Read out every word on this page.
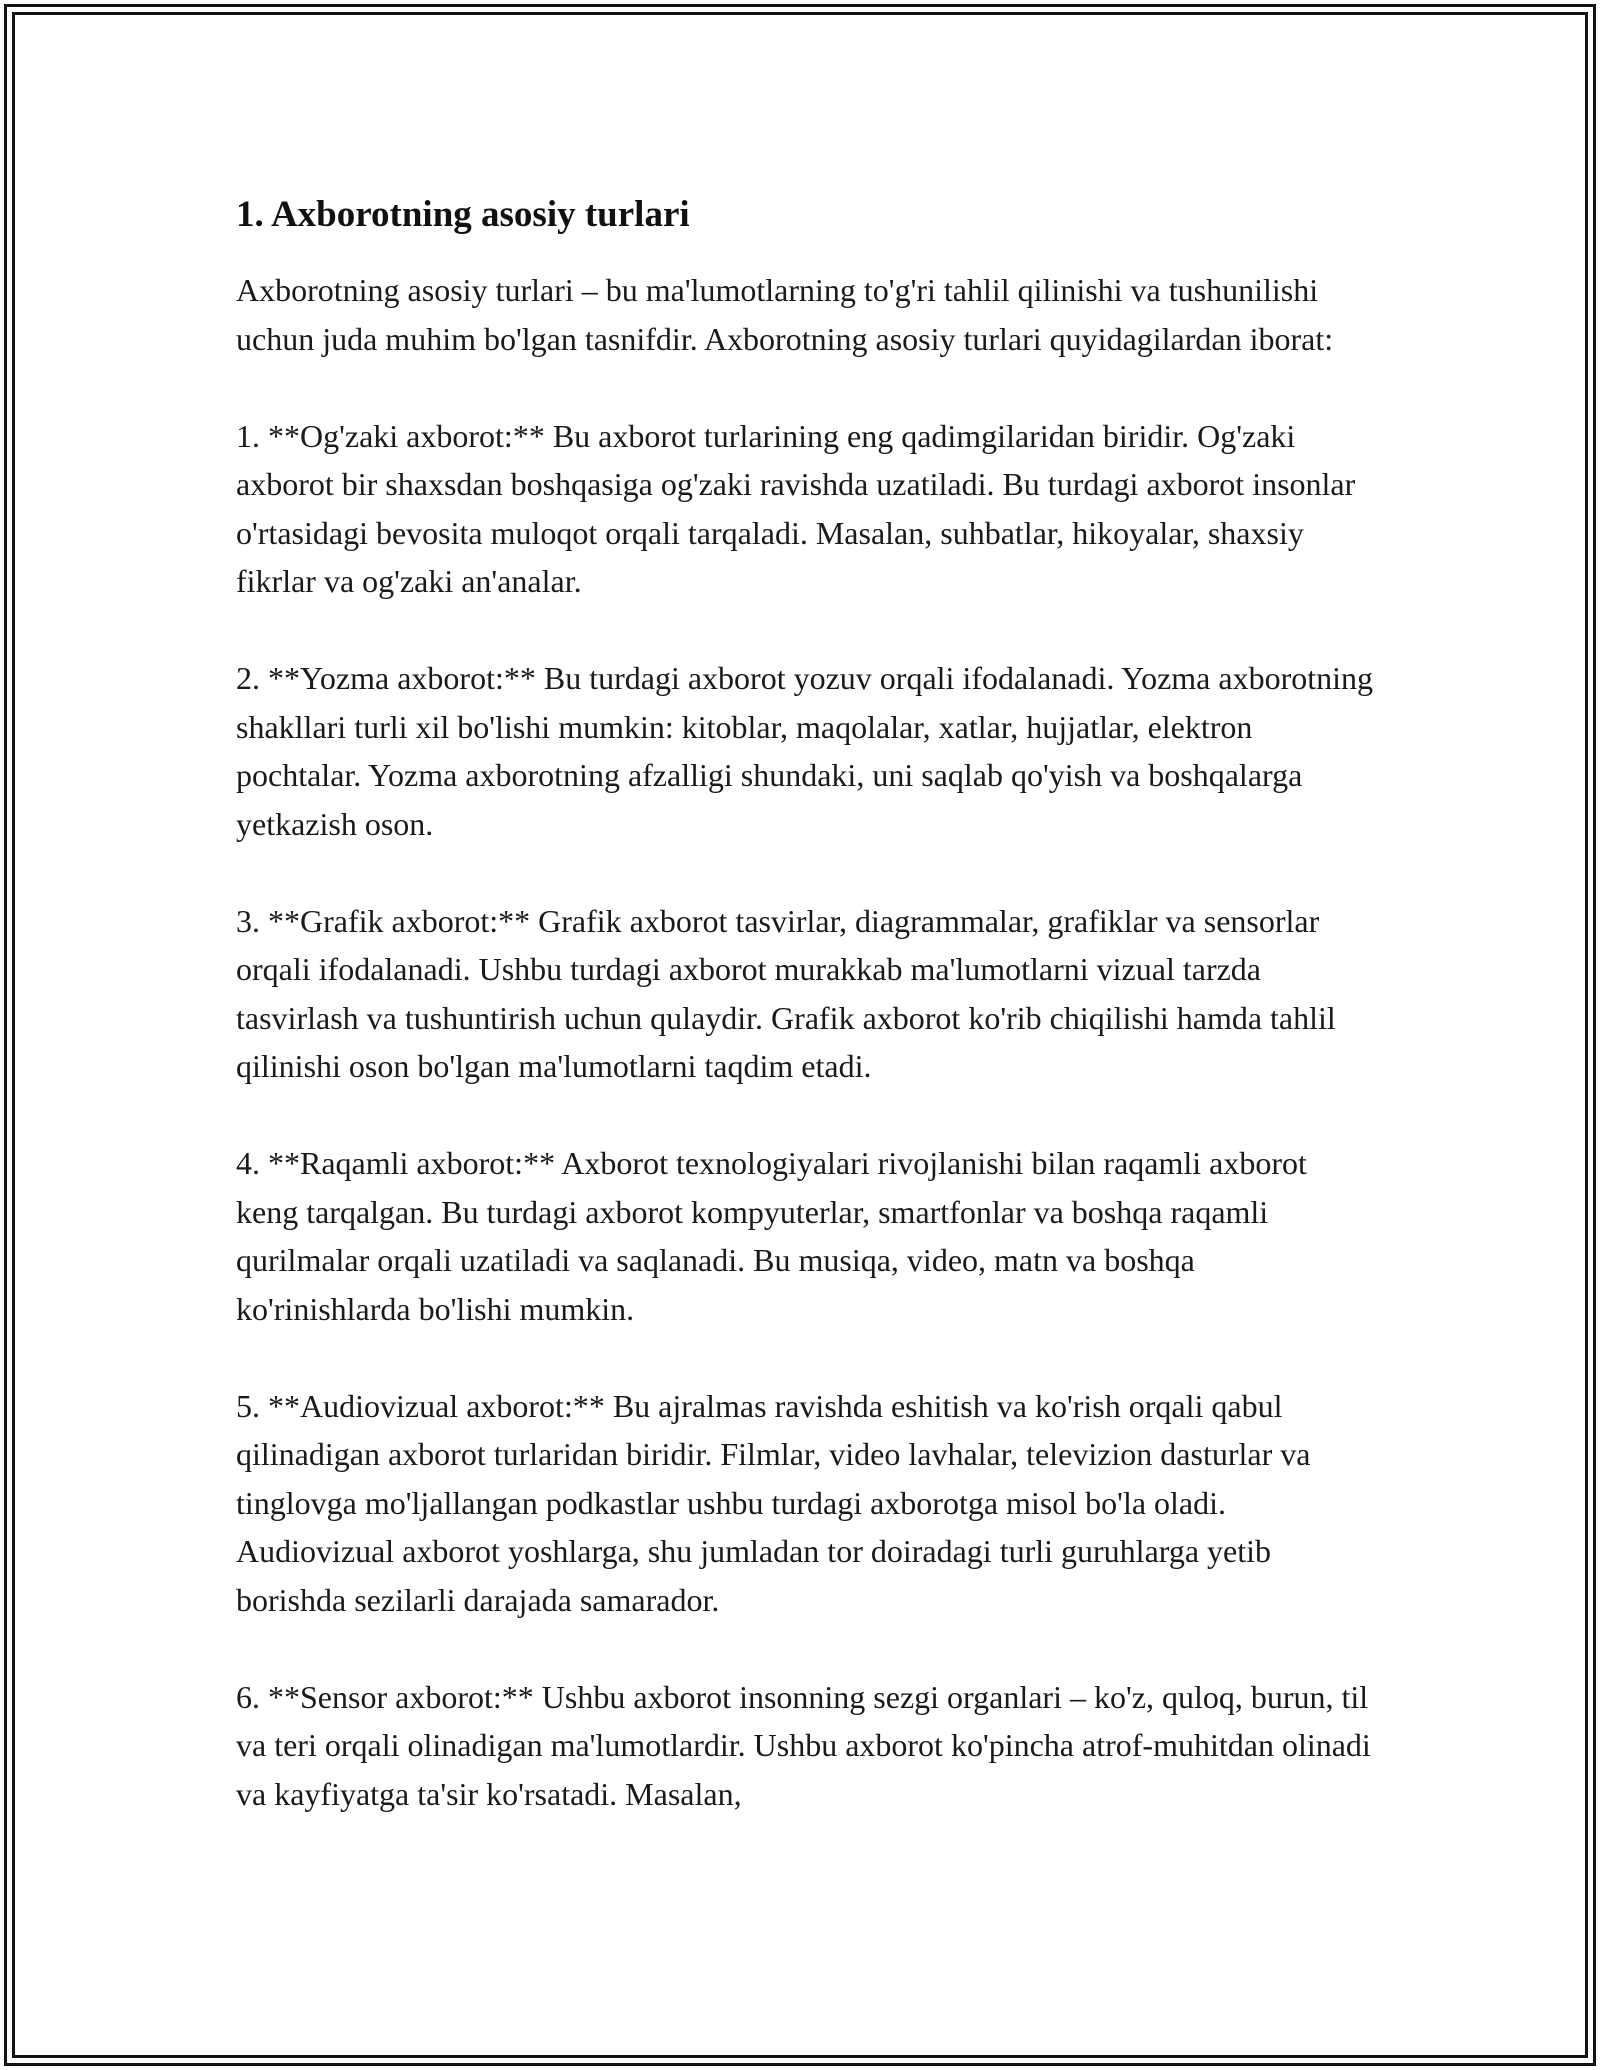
1. Axborotning asosiy turlari

Axborotning asosiy turlari – bu ma'lumotlarning to'g'ri tahlil qilinishi va tushunilishi uchun juda muhim bo'lgan tasnifdir. Axborotning asosiy turlari quyidagilardan iborat:

1. **Og'zaki axborot:** Bu axborot turlarining eng qadimgilaridan biridir. Og'zaki axborot bir shaxsdan boshqasiga og'zaki ravishda uzatiladi. Bu turdagi axborot insonlar o'rtasidagi bevosita muloqot orqali tarqaladi. Masalan, suhbatlar, hikoyalar, shaxsiy fikrlar va og'zaki an'analar.

2. **Yozma axborot:** Bu turdagi axborot yozuv orqali ifodalanadi. Yozma axborotning shakllari turli xil bo'lishi mumkin: kitoblar, maqolalar, xatlar, hujjatlar, elektron pochtalar. Yozma axborotning afzalligi shundaki, uni saqlab qo'yish va boshqalarga yetkazish oson.

3. **Grafik axborot:** Grafik axborot tasvirlar, diagrammalar, grafiklar va sensorlar orqali ifodalanadi. Ushbu turdagi axborot murakkab ma'lumotlarni vizual tarzda tasvirlash va tushuntirish uchun qulaydir. Grafik axborot ko'rib chiqilishi hamda tahlil qilinishi oson bo'lgan ma'lumotlarni taqdim etadi.

4. **Raqamli axborot:** Axborot texnologiyalari rivojlanishi bilan raqamli axborot keng tarqalgan. Bu turdagi axborot kompyuterlar, smartfonlar va boshqa raqamli qurilmalar orqali uzatiladi va saqlanadi. Bu musiqa, video, matn va boshqa ko'rinishlarda bo'lishi mumkin.

5. **Audiovizual axborot:** Bu ajralmas ravishda eshitish va ko'rish orqali qabul qilinadigan axborot turlaridan biridir. Filmlar, video lavhalar, televizion dasturlar va tinglovga mo'ljallangan podkastlar ushbu turdagi axborotga misol bo'la oladi. Audiovizual axborot yoshlarga, shu jumladan tor doiradagi turli guruhlarga yetib borishda sezilarli darajada samarador.

6. **Sensor axborot:** Ushbu axborot insonning sezgi organlari – ko'z, quloq, burun, til va teri orqali olinadigan ma'lumotlardir. Ushbu axborot ko'pincha atrof-muhitdan olinadi va kayfiyatga ta'sir ko'rsatadi. Masalan,
